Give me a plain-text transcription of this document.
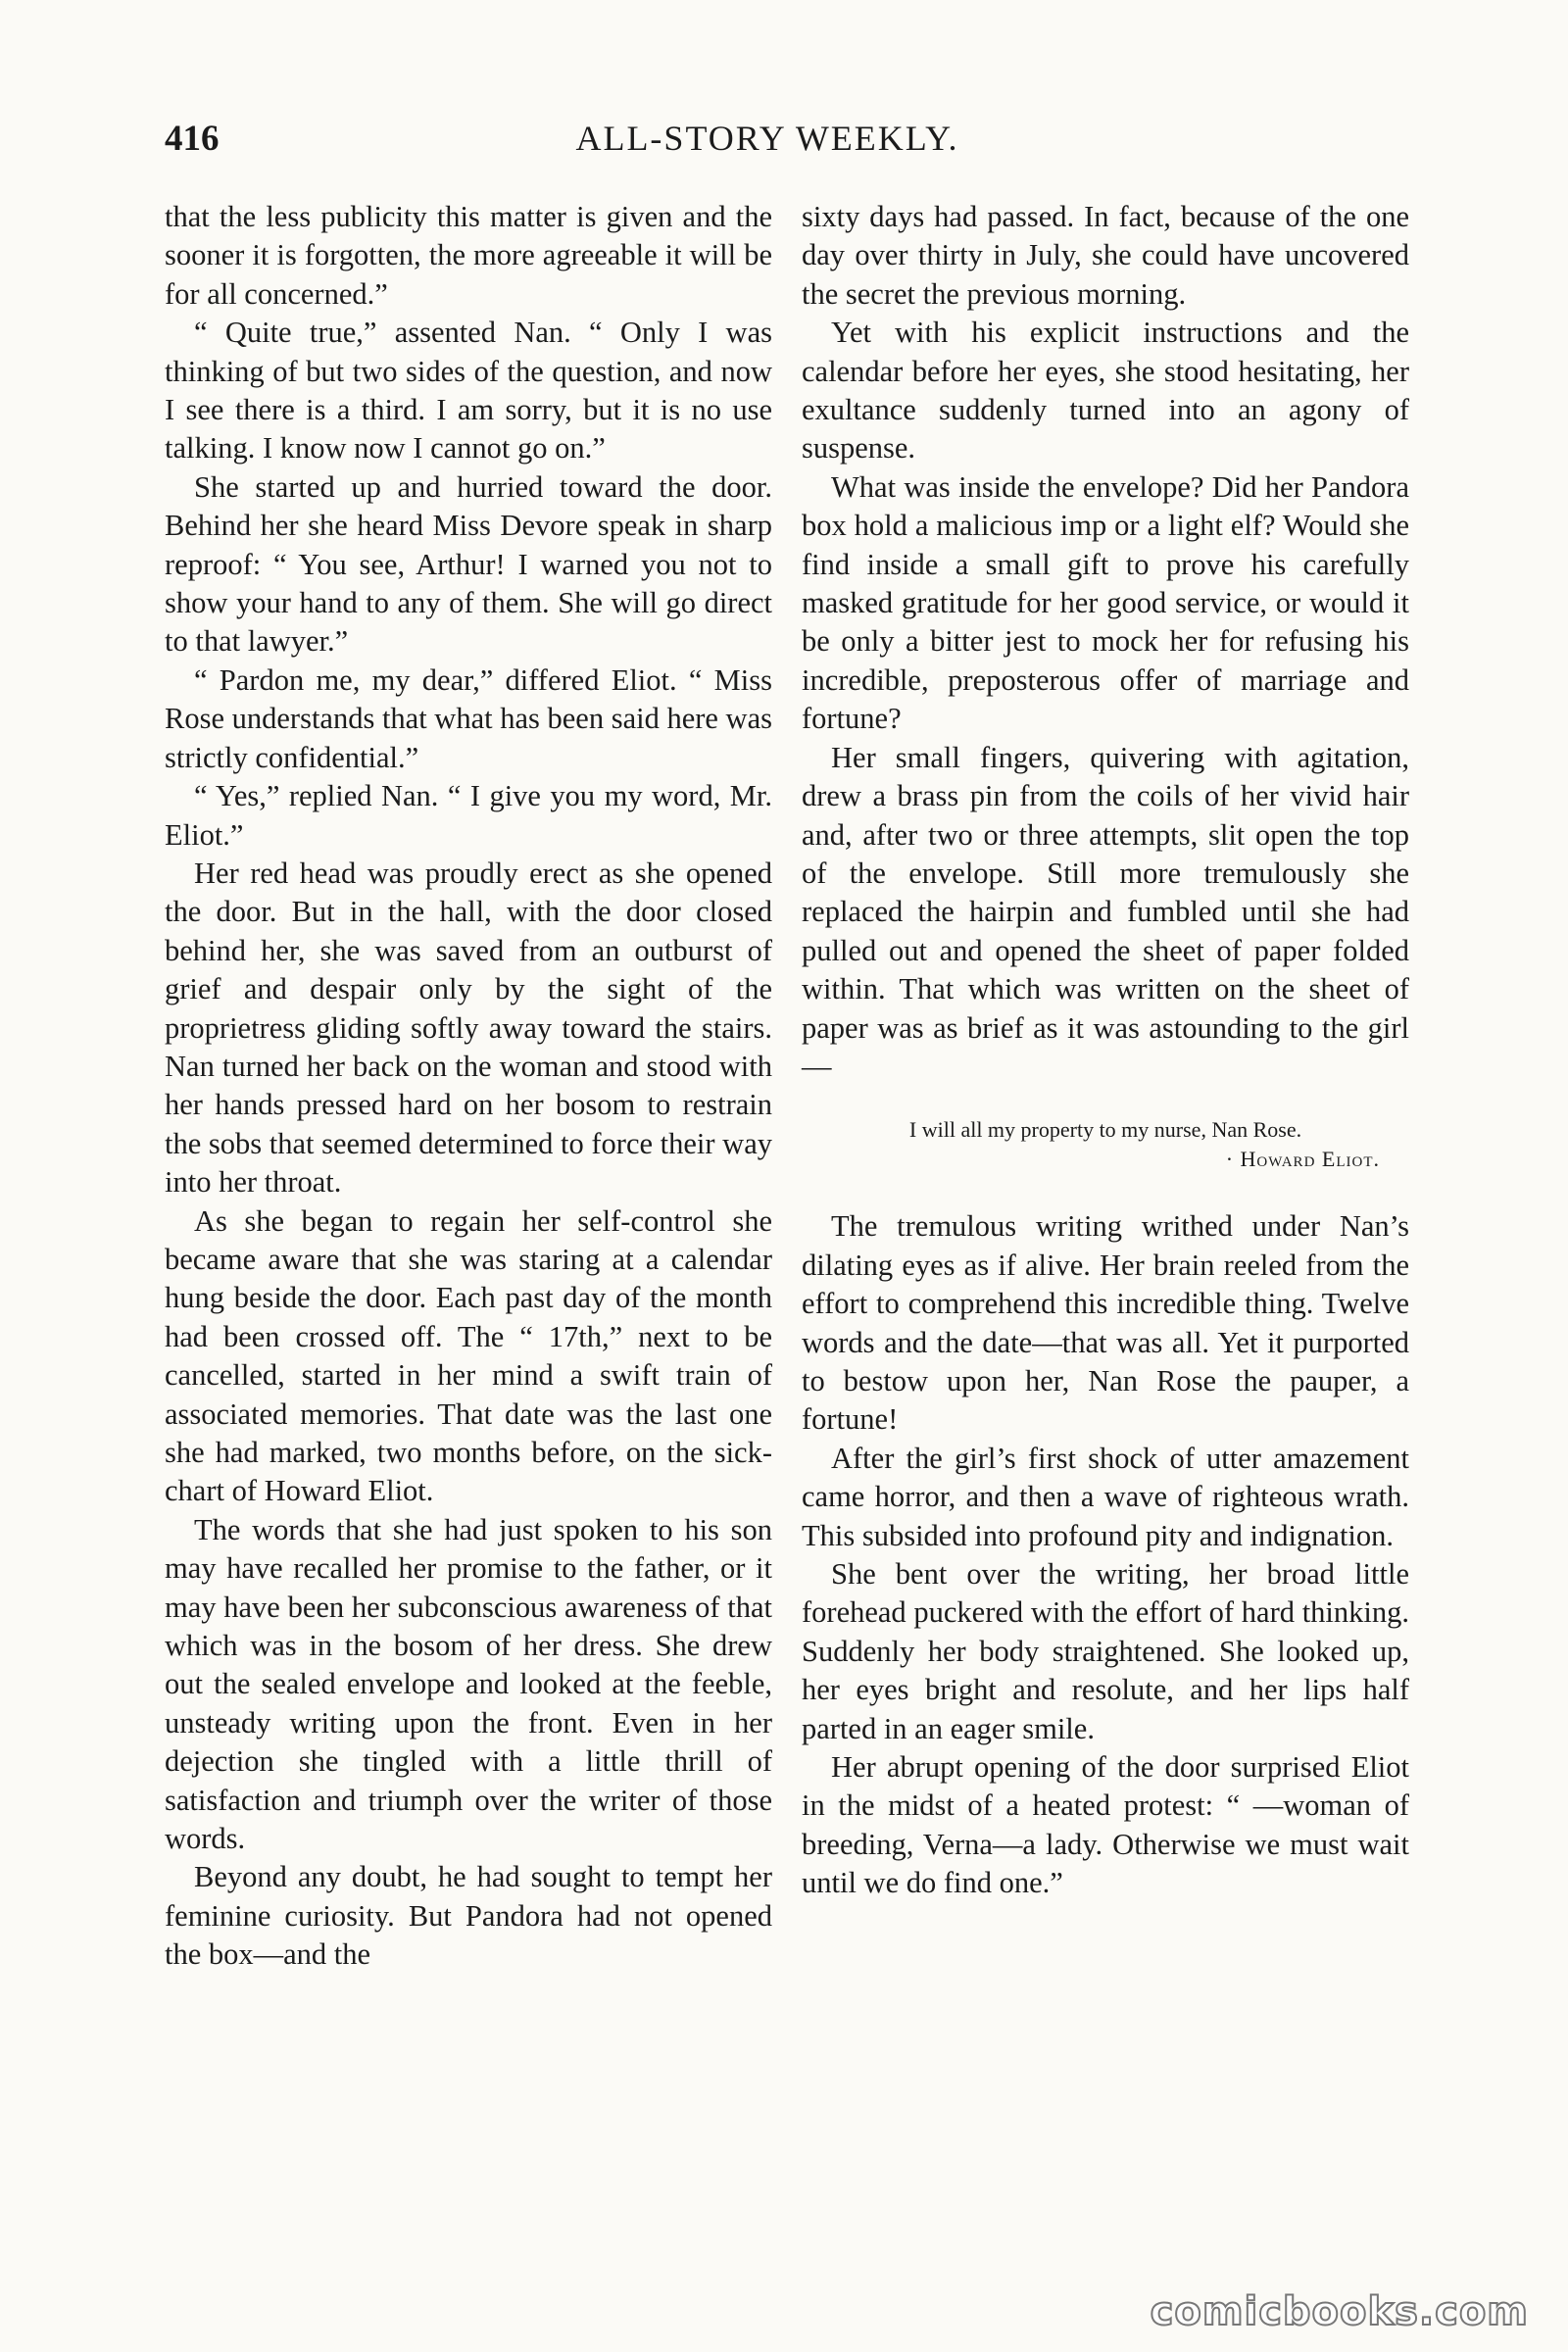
416	ALL-STORY WEEKLY.

that the less publicity this matter is given and the sooner it is forgotten, the more agreeable it will be for all concerned.”

“ Quite true,” assented Nan. “ Only I was thinking of but two sides of the question, and now I see there is a third. I am sorry, but it is no use talking. I know now I cannot go on.”

She started up and hurried toward the door. Behind her she heard Miss Devore speak in sharp reproof: “ You see, Arthur! I warned you not to show your hand to any of them. She will go direct to that lawyer.”

“ Pardon me, my dear,” differed Eliot. “ Miss Rose understands that what has been said here was strictly confidential.”

“ Yes,” replied Nan. “ I give you my word, Mr. Eliot.”

Her red head was proudly erect as she opened the door. But in the hall, with the door closed behind her, she was saved from an outburst of grief and despair only by the sight of the proprietress gliding softly away toward the stairs. Nan turned her back on the woman and stood with her hands pressed hard on her bosom to restrain the sobs that seemed determined to force their way into her throat.

As she began to regain her self-control she became aware that she was staring at a calendar hung beside the door. Each past day of the month had been crossed off. The “ 17th,” next to be cancelled, started in her mind a swift train of associated memories. That date was the last one she had marked, two months before, on the sick-chart of Howard Eliot.

The words that she had just spoken to his son may have recalled her promise to the father, or it may have been her subconscious awareness of that which was in the bosom of her dress. She drew out the sealed envelope and looked at the feeble, unsteady writing upon the front. Even in her dejection she tingled with a little thrill of satisfaction and triumph over the writer of those words.

Beyond any doubt, he had sought to tempt her feminine curiosity. But Pandora had not opened the box—and the

sixty days had passed. In fact, because of the one day over thirty in July, she could have uncovered the secret the previous morning.

Yet with his explicit instructions and the calendar before her eyes, she stood hesitating, her exultance suddenly turned into an agony of suspense.

What was inside the envelope? Did her Pandora box hold a malicious imp or a light elf? Would she find inside a small gift to prove his carefully masked gratitude for her good service, or would it be only a bitter jest to mock her for refusing his incredible, preposterous offer of marriage and fortune?

Her small fingers, quivering with agitation, drew a brass pin from the coils of her vivid hair and, after two or three attempts, slit open the top of the envelope. Still more tremulously she replaced the hairpin and fumbled until she had pulled out and opened the sheet of paper folded within. That which was written on the sheet of paper was as brief as it was astounding to the girl—

I will all my property to my nurse, Nan Rose.
· Howard Eliot.

The tremulous writing writhed under Nan’s dilating eyes as if alive. Her brain reeled from the effort to comprehend this incredible thing. Twelve words and the date—that was all. Yet it purported to bestow upon her, Nan Rose the pauper, a fortune!

After the girl’s first shock of utter amazement came horror, and then a wave of righteous wrath. This subsided into profound pity and indignation.

She bent over the writing, her broad little forehead puckered with the effort of hard thinking. Suddenly her body straightened. She looked up, her eyes bright and resolute, and her lips half parted in an eager smile.

Her abrupt opening of the door surprised Eliot in the midst of a heated protest: “ —woman of breeding, Verna—a lady. Otherwise we must wait until we do find one.”

comicbooks.com
